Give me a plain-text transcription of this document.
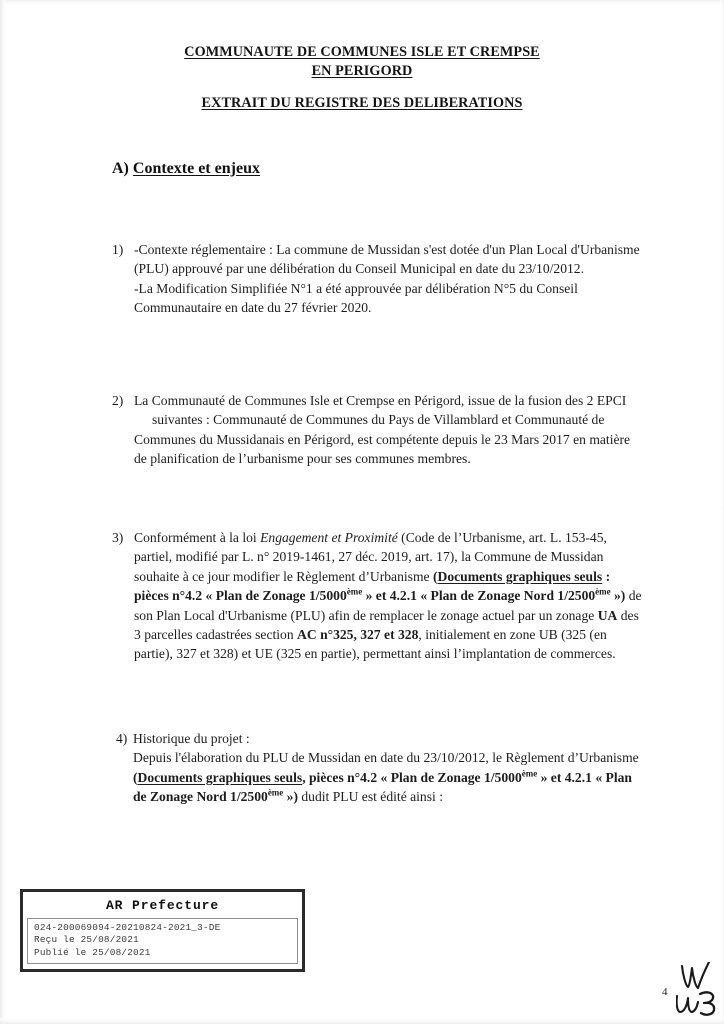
COMMUNAUTE DE COMMUNES ISLE ET CREMPSE
EN PERIGORD
EXTRAIT DU REGISTRE DES DELIBERATIONS
A) Contexte et enjeux
1) -Contexte réglementaire : La commune de Mussidan s'est dotée d'un Plan Local d'Urbanisme (PLU) approuvé par une délibération du Conseil Municipal en date du 23/10/2012.
-La Modification Simplifiée N°1 a été approuvée par délibération N°5 du Conseil Communautaire en date du 27 février 2020.
2) La Communauté de Communes Isle et Crempse en Périgord, issue de la fusion des 2 EPCIsuivantes : Communauté de Communes du Pays de Villamblard et Communauté de Communes du Mussidanais en Périgord, est compétente depuis le 23 Mars 2017 en matière de planification de l’urbanisme pour ses communes membres.
3) Conformément à la loi Engagement et Proximité (Code de l’Urbanisme, art. L. 153-45, partiel, modifié par L. n° 2019-1461, 27 déc. 2019, art. 17), la Commune de Mussidan souhaite à ce jour modifier le Règlement d’Urbanisme (Documents graphiques seuls : pièces n°4.2 « Plan de Zonage 1/5000ème » et 4.2.1 « Plan de Zonage Nord 1/2500ème ») de son Plan Local d'Urbanisme (PLU) afin de remplacer le zonage actuel par un zonage UA des 3 parcelles cadastrées section AC n°325, 327 et 328, initialement en zone UB (325 (en partie), 327 et 328) et UE (325 en partie), permettant ainsi l’implantation de commerces.
4) Historique du projet :
Depuis l'élaboration du PLU de Mussidan en date du 23/10/2012, le Règlement d’Urbanisme (Documents graphiques seuls, pièces n°4.2 « Plan de Zonage 1/5000ème » et 4.2.1 « Plan de Zonage Nord 1/2500ème ») dudit PLU est édité ainsi :
AR Prefecture
024-200069094-20210824-2021_3-DE
Reçu le 25/08/2021
Publié le 25/08/2021
4
